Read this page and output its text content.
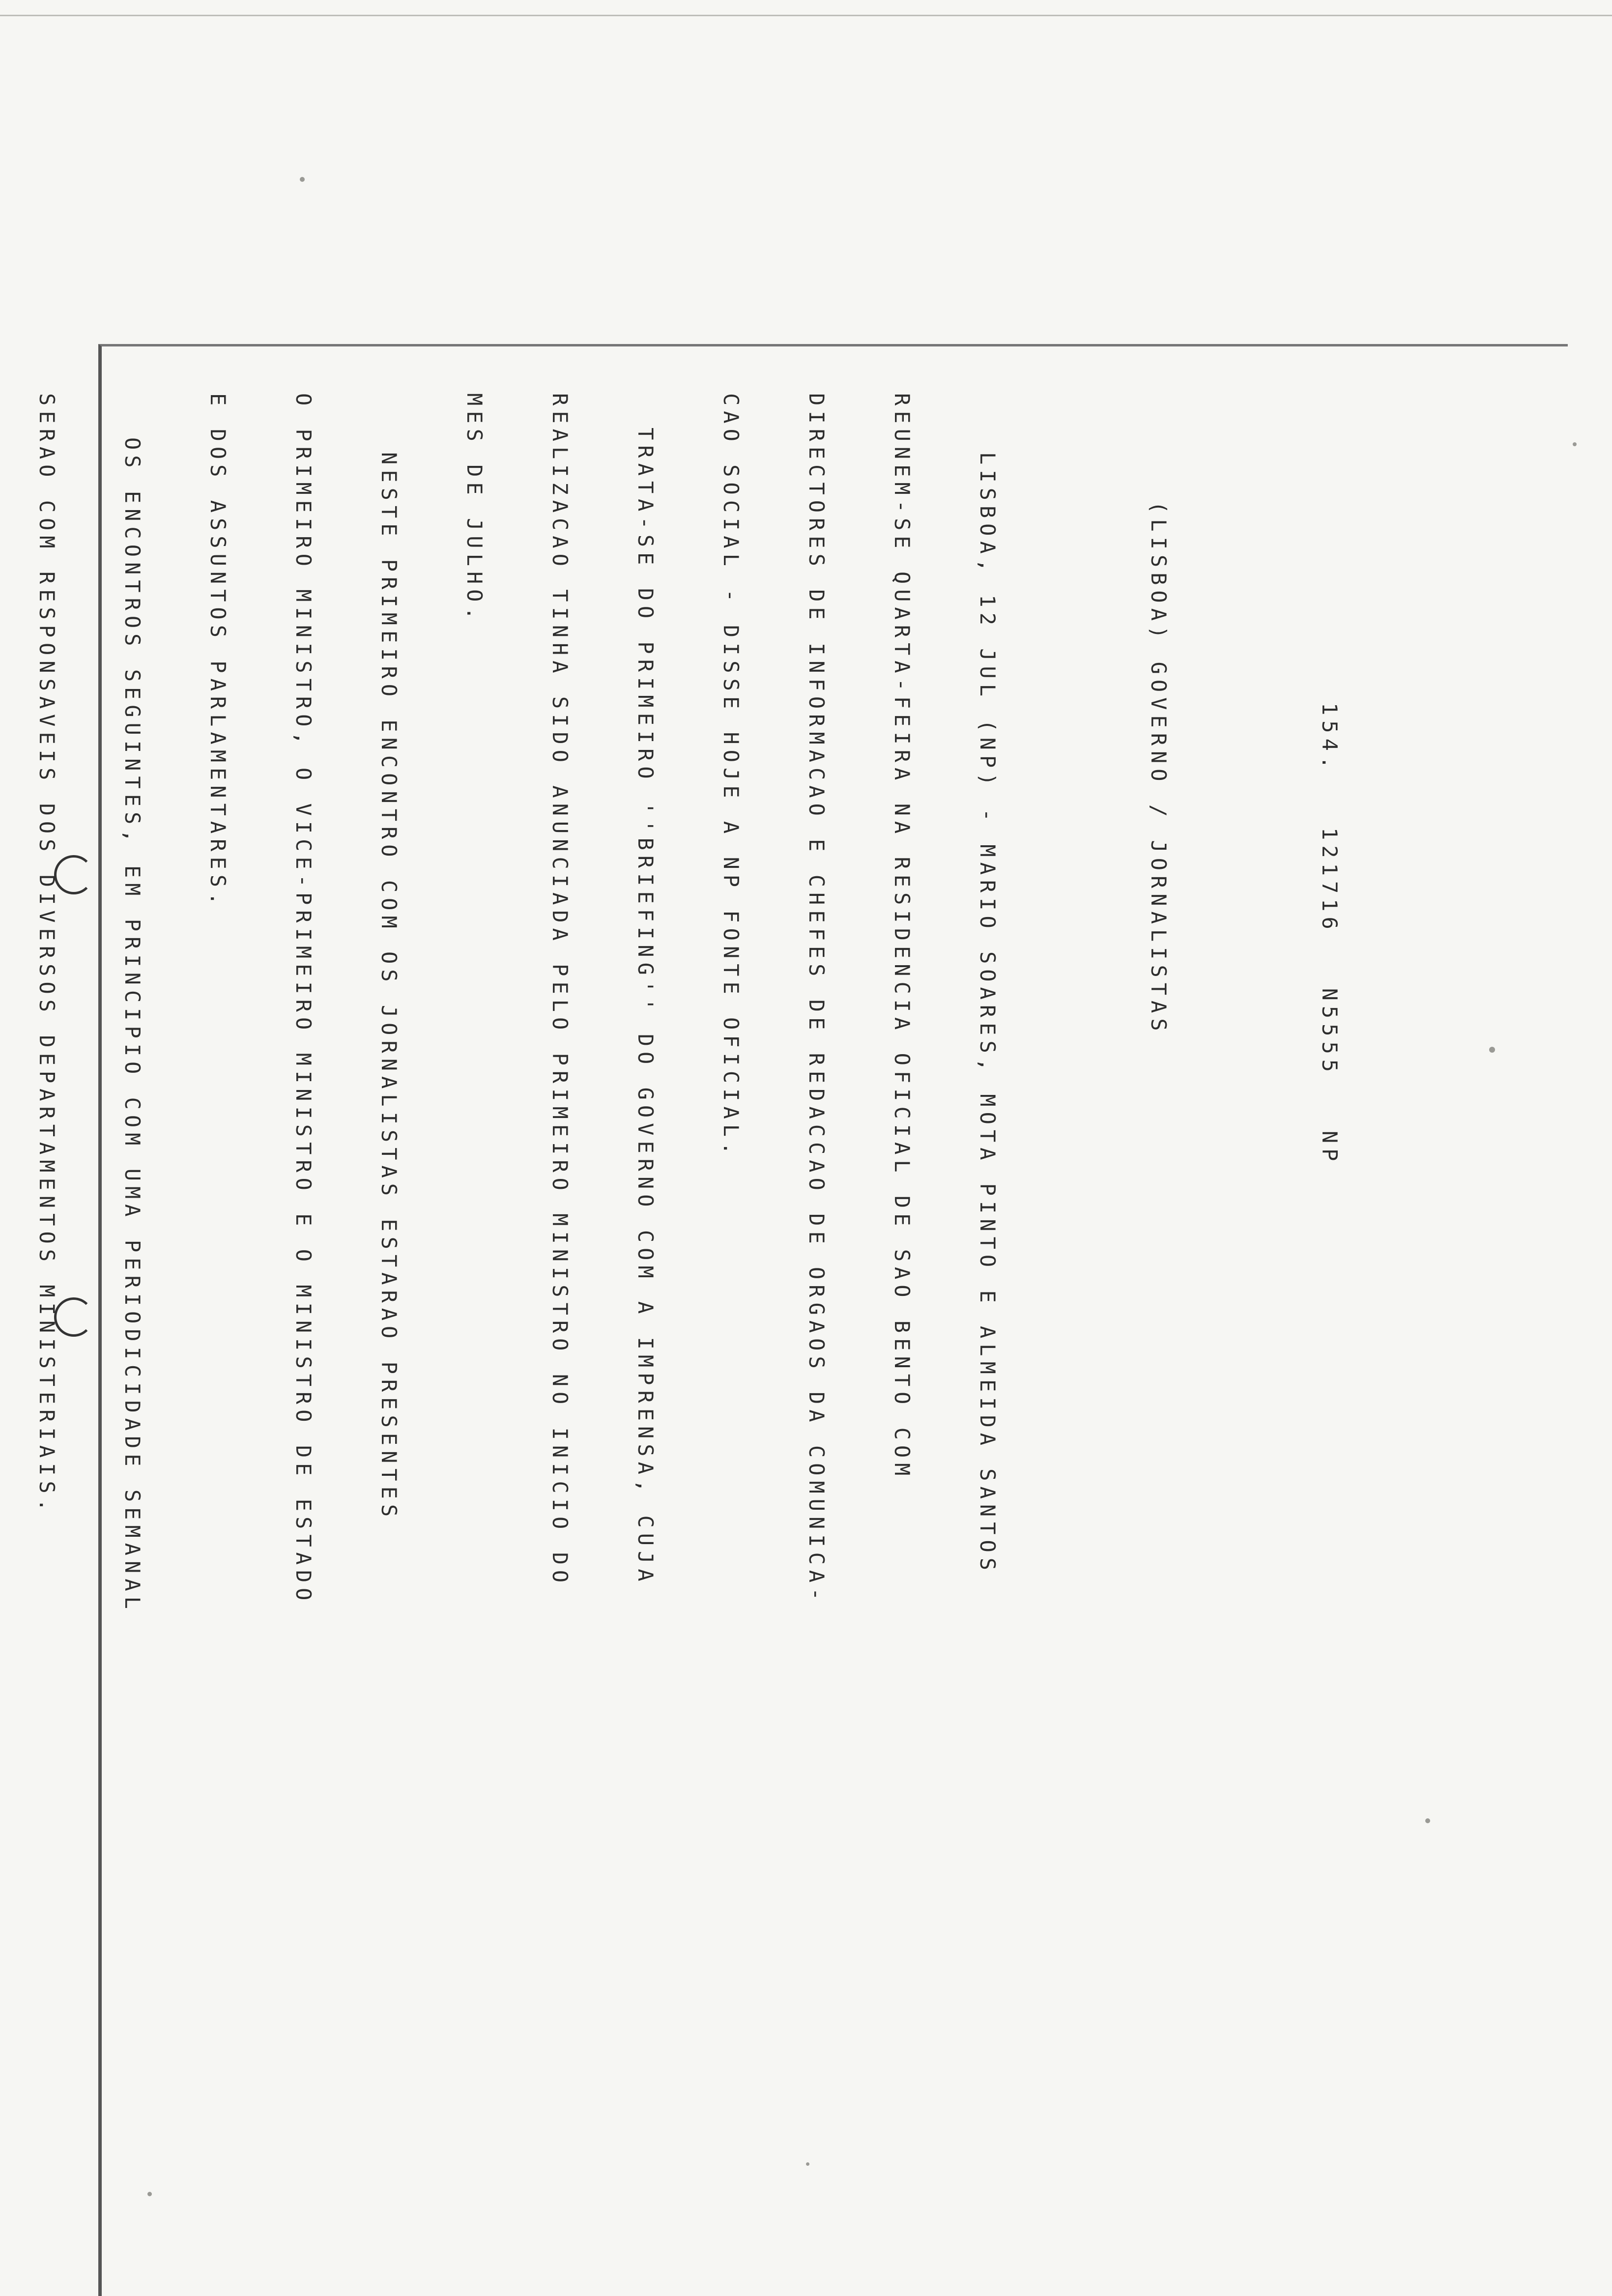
154.   121716   N5555   NP

(LISBOA) GOVERNO / JORNALISTAS

LISBOA, 12 JUL (NP) - MARIO SOARES, MOTA PINTO E ALMEIDA SANTOS

REUNEM-SE QUARTA-FEIRA NA RESIDENCIA OFICIAL DE SAO BENTO COM

DIRECTORES DE INFORMACAO E CHEFES DE REDACCAO DE ORGAOS DA COMUNICA-

CAO SOCIAL - DISSE HOJE A NP FONTE OFICIAL.

TRATA-SE DO PRIMEIRO ''BRIEFING'' DO GOVERNO COM A IMPRENSA, CUJA

REALIZACAO TINHA SIDO ANUNCIADA PELO PRIMEIRO MINISTRO NO INICIO DO

MES DE JULHO.

NESTE PRIMEIRO ENCONTRO COM OS JORNALISTAS ESTARAO PRESENTES

O PRIMEIRO MINISTRO, O VICE-PRIMEIRO MINISTRO E O MINISTRO DE ESTADO

E DOS ASSUNTOS PARLAMENTARES.

OS ENCONTROS SEGUINTES, EM PRINCIPIO COM UMA PERIODICIDADE SEMANAL

SERAO COM RESPONSAVEIS DOS DIVERSOS DEPARTAMENTOS MINISTERIAIS.
